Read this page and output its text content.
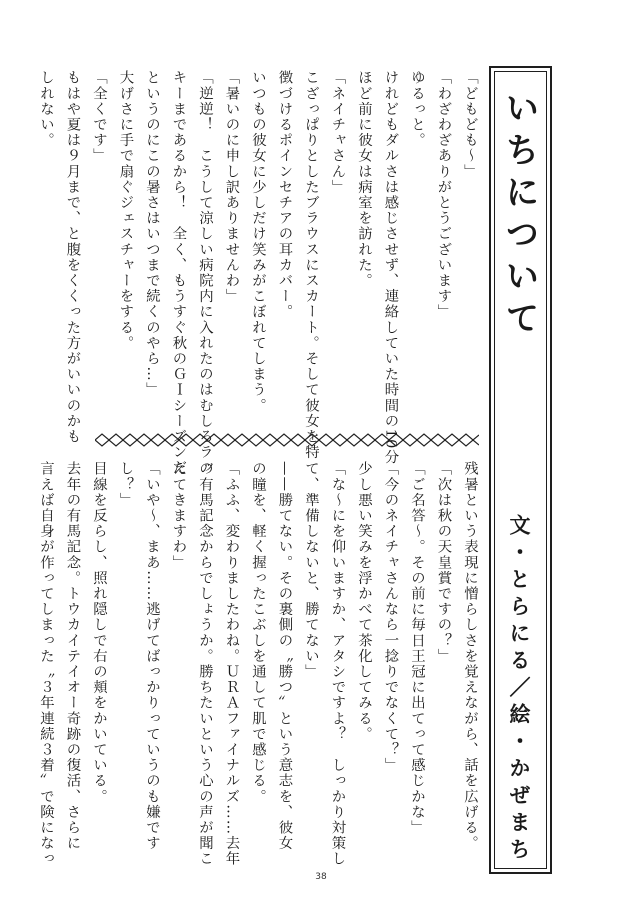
いちについて
文・とらにる／絵・かぜまち

「どもども〜」

「わざわざありがとうございます」

ゆるっと。

けれどもダルさは感じさせず、連絡していた時間の10分

ほど前に彼女は病室を訪れた。

「ネイチャさん」

こざっぱりとしたブラウスにスカート。そして彼女を特

徴づけるポインセチアの耳カバー。

いつもの彼女に少しだけ笑みがこぼれてしまう。

「暑いのに申し訳ありませんわ」

「逆逆！　こうして涼しい病院内に入れたのはむしろラッ

キーまであるから！　全く、もうすぐ秋のＧＩシーズンだ

というのにこの暑さはいつまで続くのやら…」

大げさに手で扇ぐジェスチャーをする。

「全くです」

もはや夏は９月まで、と腹をくくった方がいいのかも

しれない。

残暑という表現に憎らしさを覚えながら、話を広げる。

「次は秋の天皇賞ですの？」

「ご名答〜。その前に毎日王冠に出てって感じかな」

「今のネイチャさんなら一捻りでなくて？」

少し悪い笑みを浮かべて茶化してみる。

「な〜にを仰いますか、アタシですよ？　しっかり対策し

て、準備しないと、勝てない」

——勝てない。その裏側の〝勝つ〟という意志を、彼女

の瞳を、軽く握ったこぶしを通して肌で感じる。

「ふふ、変わりましたわね。ＵＲＡファイナルズ……去年

の有馬記念からでしょうか。勝ちたいという心の声が聞こ

えてきますわ」

「いや〜、まあ……逃げてばっかりっていうのも嫌です

し？」

目線を反らし、照れ隠しで右の頬をかいている。

去年の有馬記念。トウカイテイオー奇跡の復活、さらに

言えば自身が作ってしまった〝３年連続３着〟で険になっ

38
